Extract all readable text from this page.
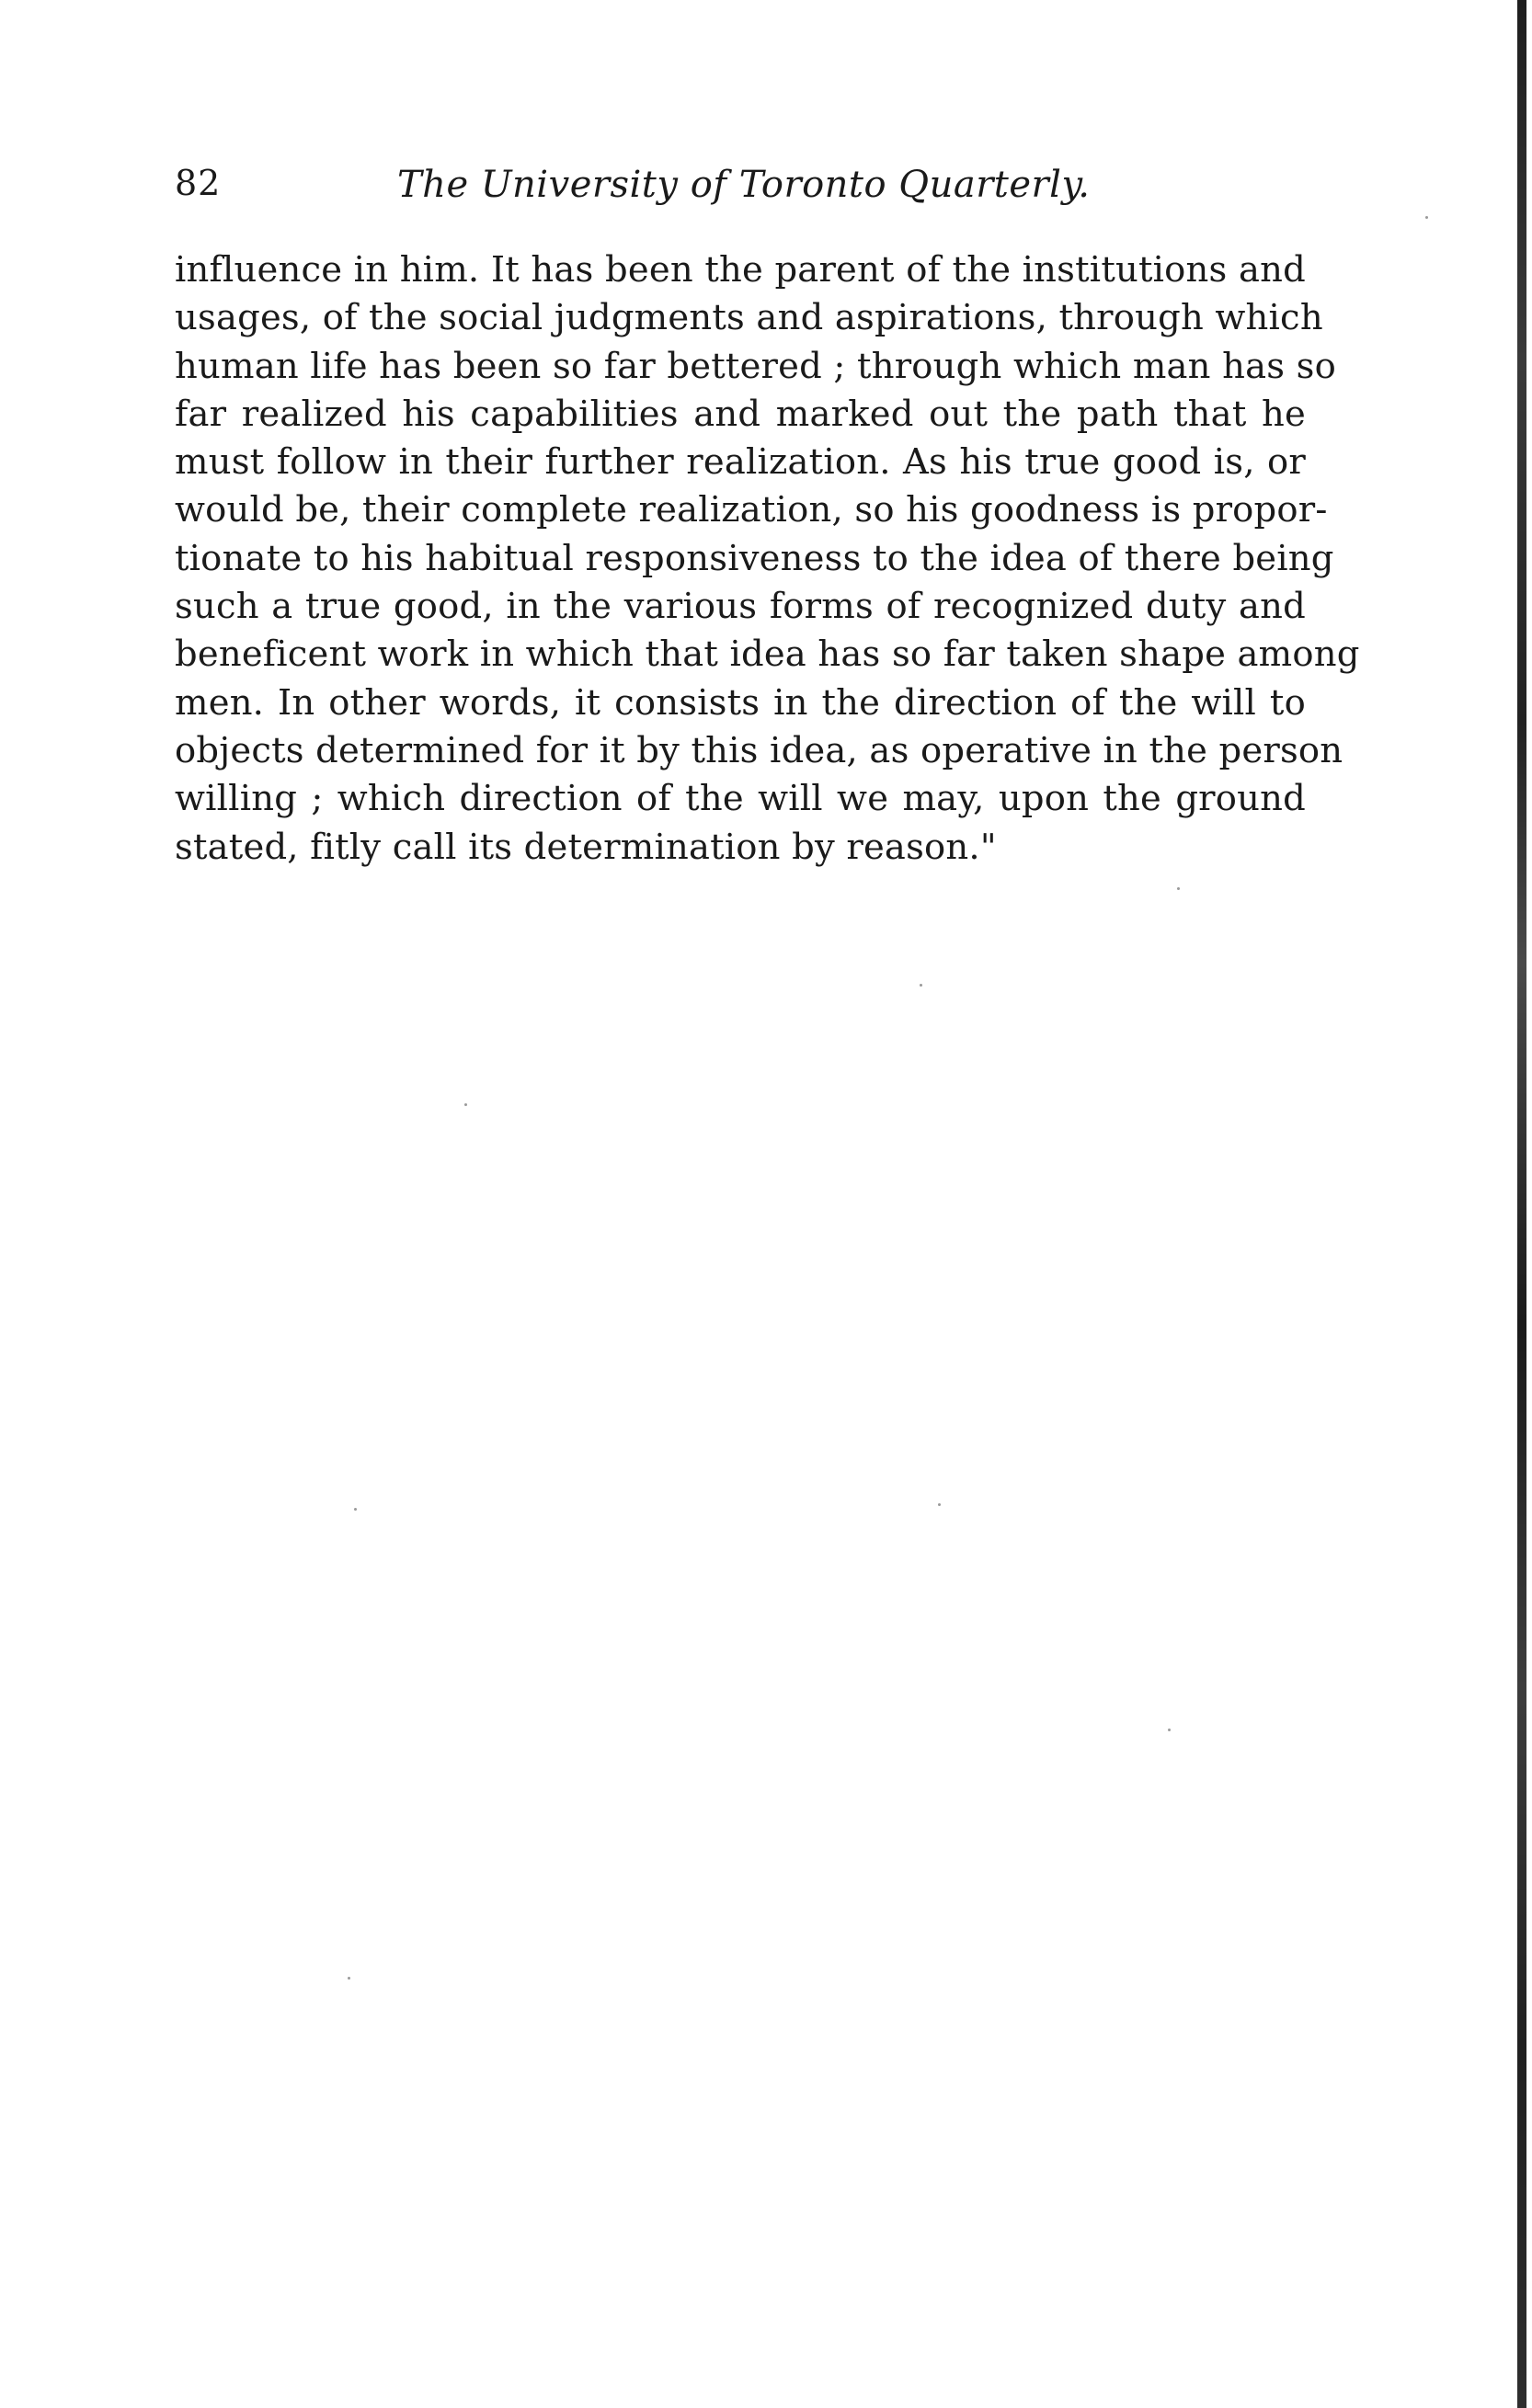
82	The University of Toronto Quarterly.
influence in him. It has been the parent of the institutions and
usages, of the social judgments and aspirations, through which
human life has been so far bettered ; through which man has so
far realized his capabilities and marked out the path that he
must follow in their further realization. As his true good is, or
would be, their complete realization, so his goodness is propor-
tionate to his habitual responsiveness to the idea of there being
such a true good, in the various forms of recognized duty and
beneficent work in which that idea has so far taken shape among
men. In other words, it consists in the direction of the will to
objects determined for it by this idea, as operative in the person
willing ; which direction of the will we may, upon the ground
stated, fitly call its determination by reason."
